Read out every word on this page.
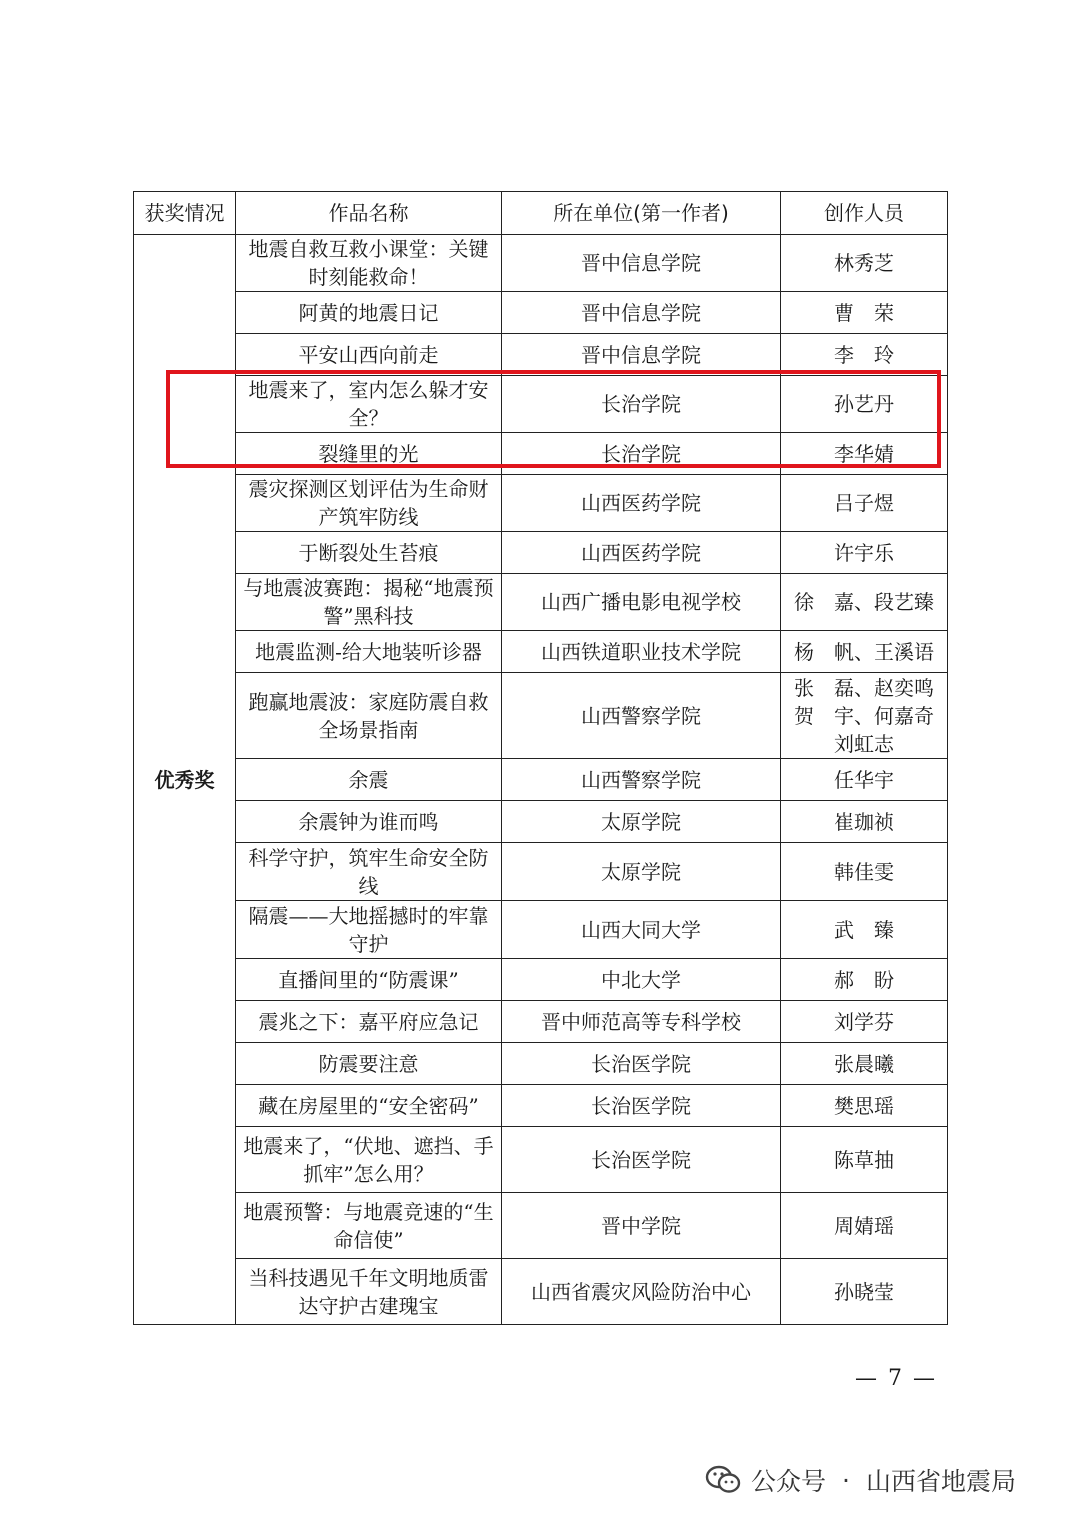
获奖情况	作品名称	所在单位(第一作者)	创作人员
优秀奖	地震自救互救小课堂：关键时刻能救命！	晋中信息学院	林秀芝
	阿黄的地震日记	晋中信息学院	曹　荣
	平安山西向前走	晋中信息学院	李　玲
	地震来了，室内怎么躲才安全？	长治学院	孙艺丹
	裂缝里的光	长治学院	李华婧
	震灾探测区划评估为生命财产筑牢防线	山西医药学院	吕子煜
	于断裂处生苔痕	山西医药学院	许宇乐
	与地震波赛跑：揭秘“地震预警”黑科技	山西广播电影电视学校	徐　嘉、段艺臻
	地震监测-给大地装听诊器	山西铁道职业技术学院	杨　帆、王溪语
	跑赢地震波：家庭防震自救全场景指南	山西警察学院	张　磊、赵奕鸣贺　宇、何嘉奇刘虹志
	余震	山西警察学院	任华宇
	余震钟为谁而鸣	太原学院	崔珈祯
	科学守护，筑牢生命安全防线	太原学院	韩佳雯
	隔震——大地摇撼时的牢靠守护	山西大同大学	武　臻
	直播间里的“防震课”	中北大学	郝　盼
	震兆之下：嘉平府应急记	晋中师范高等专科学校	刘学芬
	防震要注意	长治医学院	张晨曦
	藏在房屋里的“安全密码”	长治医学院	樊思瑶
	地震来了，“伏地、遮挡、手抓牢”怎么用？	长治医学院	陈草抽
	地震预警：与地震竞速的“生命信使”	晋中学院	周婧瑶
	当科技遇见千年文明地质雷达守护古建瑰宝	山西省震灾风险防治中心	孙晓莹
— 7 —
公众号 · 山西省地震局
